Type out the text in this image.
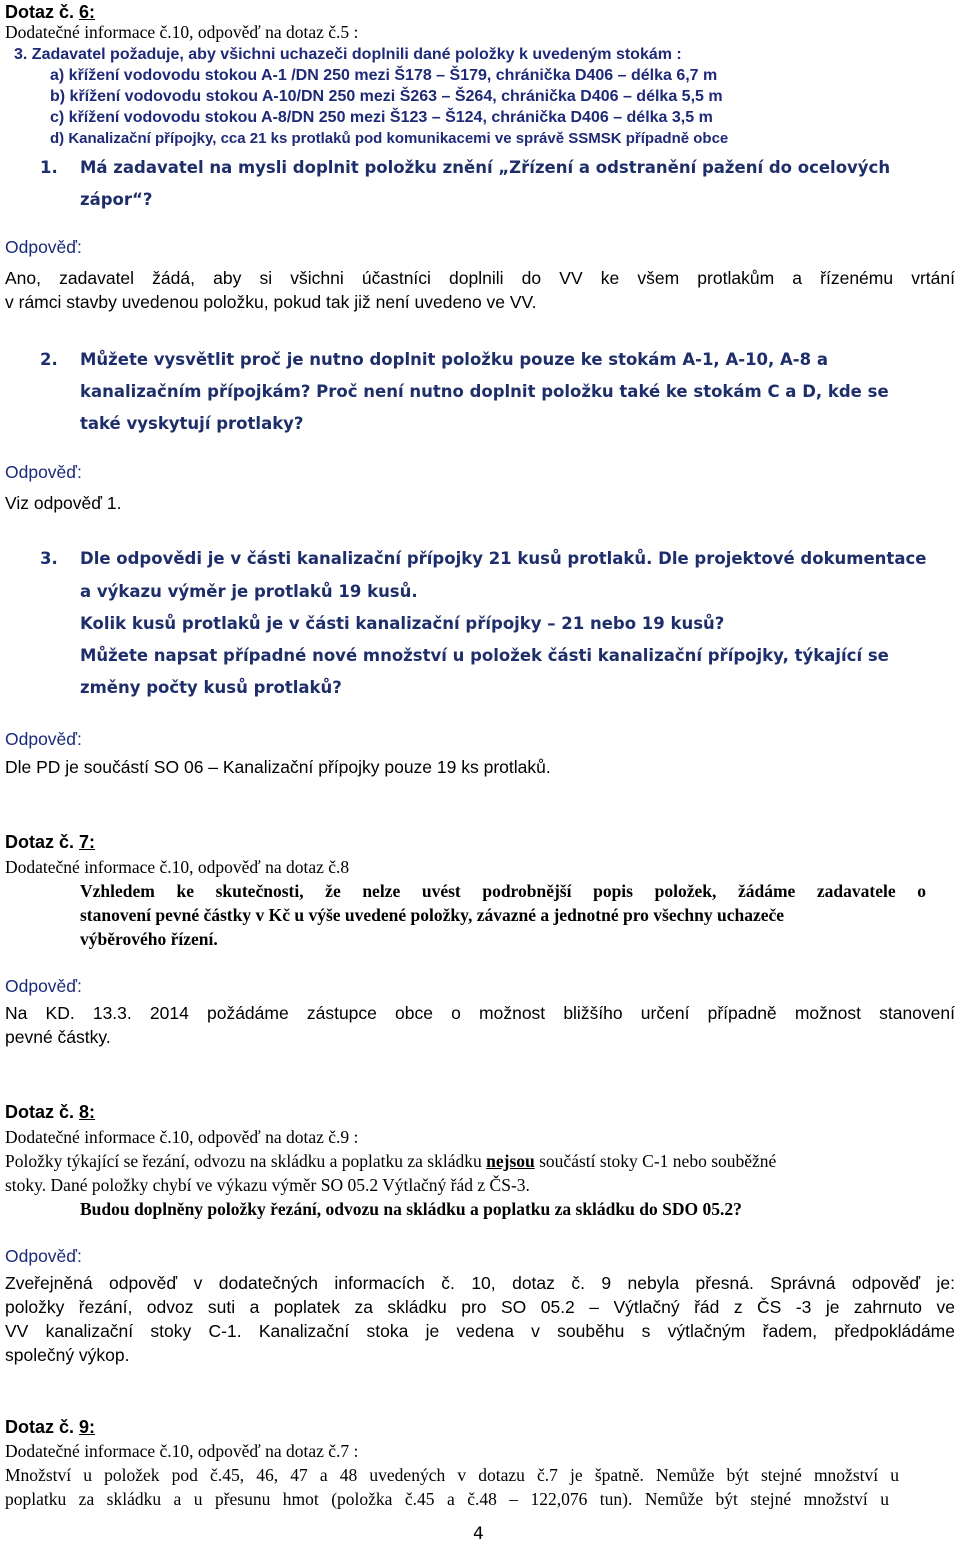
Dotaz č. 6:
Dodatečné informace č.10, odpověď na dotaz č.5 :
3. Zadavatel požaduje, aby všichni uchazeči doplnili dané položky k uvedeným stokám :
a) křížení vodovodu stokou A-1 /DN 250 mezi Š178 – Š179, chránička D406 – délka 6,7 m
b) křížení vodovodu stokou A-10/DN 250 mezi Š263 – Š264, chránička D406 – délka 5,5 m
c) křížení vodovodu stokou A-8/DN 250 mezi Š123 – Š124, chránička D406 – délka 3,5 m
d) Kanalizační přípojky, cca 21 ks protlaků pod komunikacemi ve správě SSMSK případně obce
1. Má zadavatel na mysli doplnit položku znění „Zřízení a odstranění pažení do ocelových
zápor“?
Odpověď:
Ano, zadavatel žádá, aby si všichni účastníci doplnili do VV ke všem protlakům a řízenému vrtání
v rámci stavby uvedenou položku, pokud tak již není uvedeno ve VV.
2. Můžete vysvětlit proč je nutno doplnit položku pouze ke stokám A-1, A-10, A-8 a
kanalizačním přípojkám? Proč není nutno doplnit položku také ke stokám C a D, kde se
také vyskytují protlaky?
Odpověď:
Viz odpověď 1.
3. Dle odpovědi je v části kanalizační přípojky 21 kusů protlaků. Dle projektové dokumentace
a výkazu výměr je protlaků 19 kusů.
Kolik kusů protlaků je v části kanalizační přípojky – 21 nebo 19 kusů?
Můžete napsat případné nové množství u položek části kanalizační přípojky, týkající se
změny počty kusů protlaků?
Odpověď:
Dle PD je součástí SO 06 – Kanalizační přípojky pouze 19 ks protlaků.
Dotaz č. 7:
Dodatečné informace č.10, odpověď na dotaz č.8
Vzhledem ke skutečnosti, že nelze uvést podrobnější popis položek, žádáme zadavatele o
stanovení pevné částky v Kč u výše uvedené položky, závazné a jednotné pro všechny uchazeče
výběrového řízení.
Odpověď:
Na KD. 13.3. 2014 požádáme zástupce obce o možnost bližšího určení případně možnost stanovení
pevné částky.
Dotaz č. 8:
Dodatečné informace č.10, odpověď na dotaz č.9 :
Položky týkající se řezání, odvozu na skládku a poplatku za skládku nejsou součástí stoky C-1 nebo souběžné
stoky. Dané položky chybí ve výkazu výměr SO 05.2 Výtlačný řád z ČS-3.
Budou doplněny položky řezání, odvozu na skládku a poplatku za skládku do SDO 05.2?
Odpověď:
Zveřejněná odpověď v dodatečných informacích č. 10, dotaz č. 9 nebyla přesná. Správná odpověď je:
položky řezání, odvoz suti a poplatek za skládku pro SO 05.2 – Výtlačný řád z ČS -3 je zahrnuto ve
VV kanalizační stoky C-1. Kanalizační stoka je vedena v souběhu s výtlačným řadem, předpokládáme
společný výkop.
Dotaz č. 9:
Dodatečné informace č.10, odpověď na dotaz č.7 :
Množství u položek pod č.45, 46, 47 a 48 uvedených v dotazu č.7 je špatně. Nemůže být stejné množství u
poplatku za skládku a u přesunu hmot (položka č.45 a č.48 – 122,076 tun). Nemůže být stejné množství u
4
